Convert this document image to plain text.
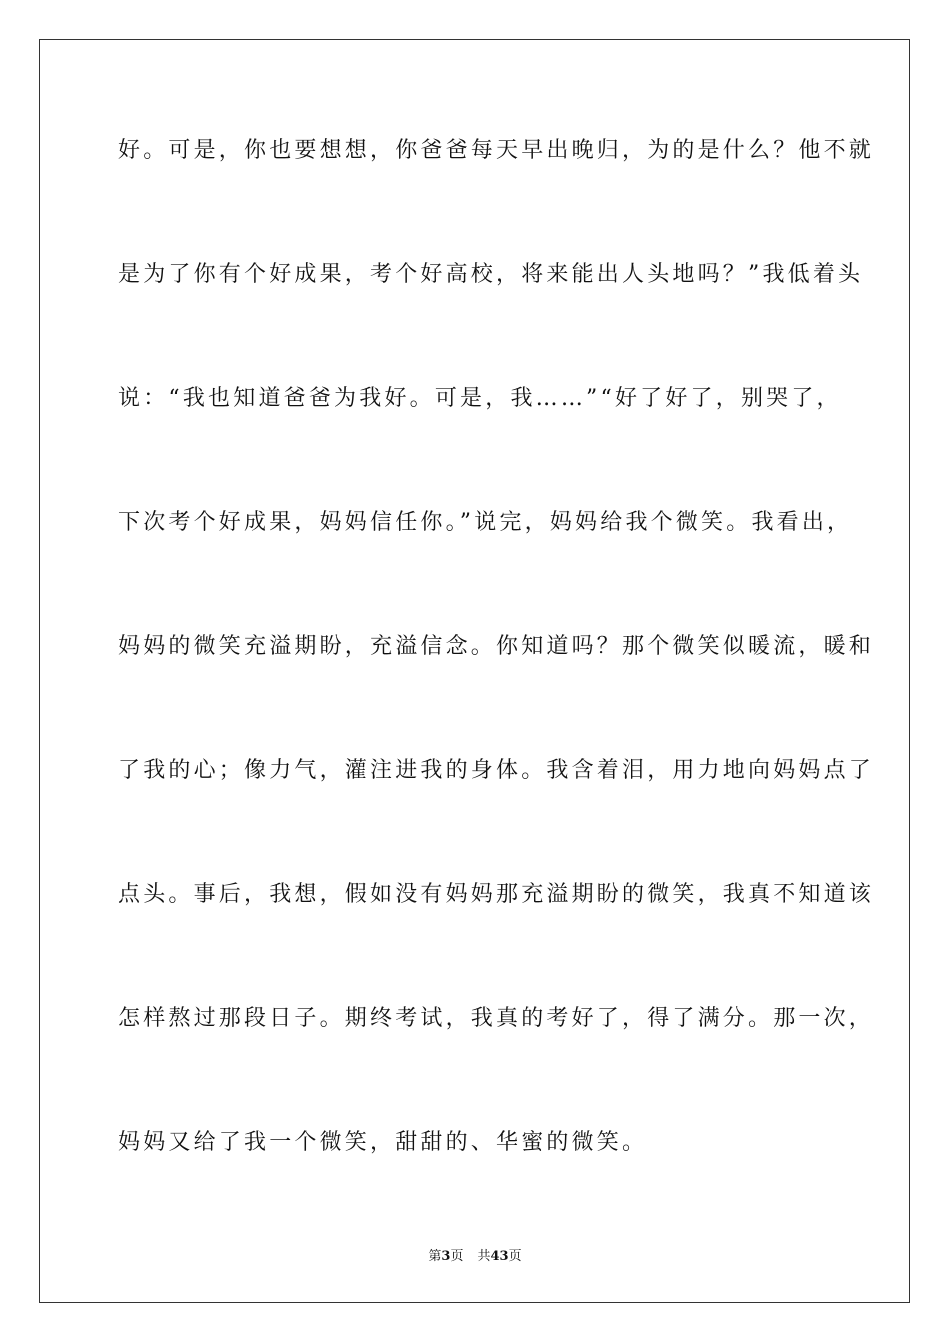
好。可是，你也要想想，你爸爸每天早出晚归，为的是什么？他不就
是为了你有个好成果，考个好高校，将来能出人头地吗？”我低着头
说：“我也知道爸爸为我好。可是，我……”“好了好了，别哭了，
下次考个好成果，妈妈信任你。”说完，妈妈给我个微笑。我看出，
妈妈的微笑充溢期盼，充溢信念。你知道吗？那个微笑似暖流，暖和
了我的心；像力气，灌注进我的身体。我含着泪，用力地向妈妈点了
点头。事后，我想，假如没有妈妈那充溢期盼的微笑，我真不知道该
怎样熬过那段日子。期终考试，我真的考好了，得了满分。那一次，
妈妈又给了我一个微笑，甜甜的、华蜜的微笑。
第3页 共43页
